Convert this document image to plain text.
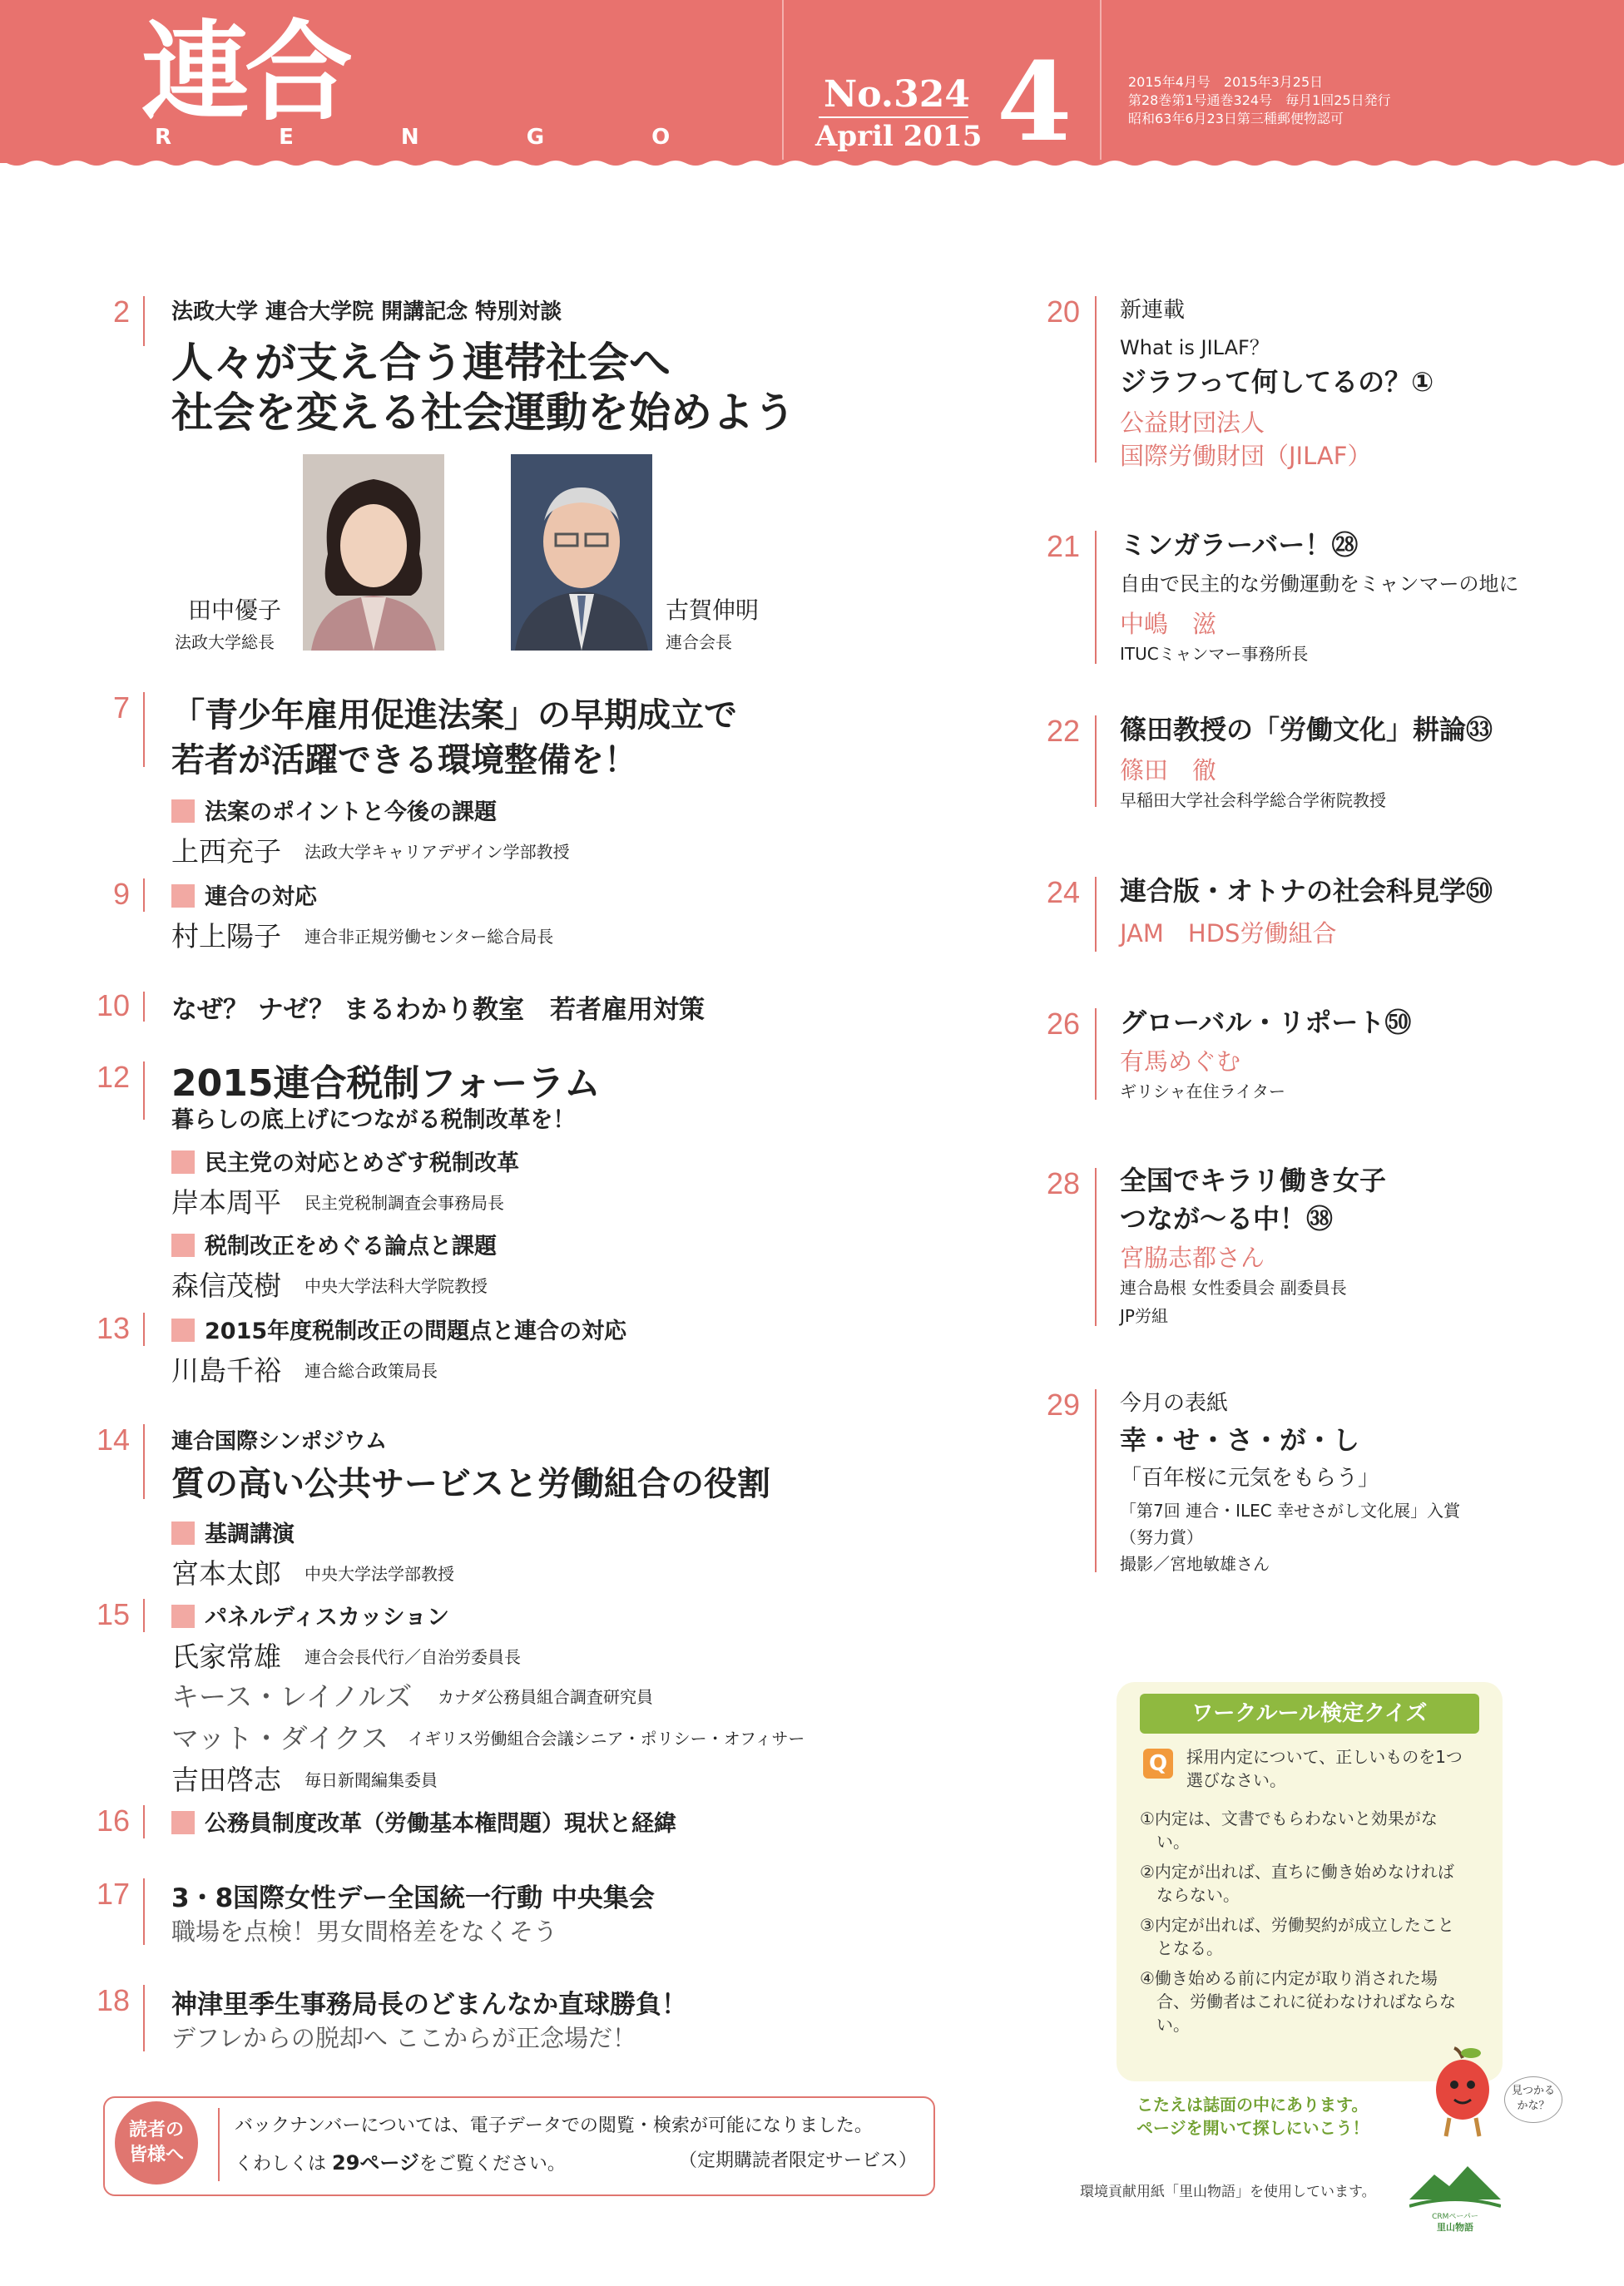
連合
R E N G O
No.324
April 2015 4	2015年4月号　2015年3月25日
第28巻第1号通巻324号　毎月1回25日発行
昭和63年6月23日第三種郵便物認可
2 法政大学 連合大学院 開講記念 特別対談
人々が支え合う連帯社会へ
社会を変える社会運動を始めよう
田中優子
法政大学総長
古賀伸明
連合会長
7 「青少年雇用促進法案」の早期成立で
若者が活躍できる環境整備を！
法案のポイントと今後の課題
上西充子 法政大学キャリアデザイン学部教授
9	連合の対応
村上陽子 連合非正規労働センター総合局長
10 なぜ？ ナゼ？ まるわかり教室　若者雇用対策
12 2015連合税制フォーラム
暮らしの底上げにつながる税制改革を！
民主党の対応とめざす税制改革
岸本周平 民主党税制調査会事務局長
税制改正をめぐる論点と課題
森信茂樹 中央大学法科大学院教授
13	2015年度税制改正の問題点と連合の対応
川島千裕 連合総合政策局長
14 連合国際シンポジウム
質の高い公共サービスと労働組合の役割
基調講演
宮本太郎 中央大学法学部教授
15	パネルディスカッション
氏家常雄 連合会長代行／自治労委員長
キース・レイノルズ カナダ公務員組合調査研究員
マット・ダイクス イギリス労働組合会議シニア・ポリシー・オフィサー
吉田啓志 毎日新聞編集委員
16	公務員制度改革（労働基本権問題）現状と経緯
17 3・8国際女性デー全国統一行動 中央集会
職場を点検！男女間格差をなくそう
18 神津里季生事務局長のどまんなか直球勝負！
デフレからの脱却へ ここからが正念場だ！
読者の
皆様へ
バックナンバーについては、電子データでの閲覧・検索が可能になりました。
くわしくは 29ページをご覧ください。	（定期購読者限定サービス）
20 新連載
What is JILAF？
ジラフって何してるの？①
公益財団法人
国際労働財団（JILAF）
21 ミンガラーバー！㉘
自由で民主的な労働運動をミャンマーの地に
中嶋　滋
ITUCミャンマー事務所長
22 篠田教授の「労働文化」耕論㉝
篠田　徹
早稲田大学社会科学総合学術院教授
24 連合版・オトナの社会科見学㊿
JAM　HDS労働組合
26 グローバル・リポート㊿
有馬めぐむ
ギリシャ在住ライター
28 全国でキラリ働き女子
つなが～る中！㊳
宮脇志都さん
連合島根 女性委員会 副委員長
JP労組
29 今月の表紙
幸・せ・さ・が・し
「百年桜に元気をもらう」
「第7回 連合・ILEC 幸せさがし文化展」入賞
（努力賞）
撮影／宮地敏雄さん
ワークルール検定クイズ
Q	採用内定について、正しいものを1つ
選びなさい。
①内定は、文書でもらわないと効果がな
　い。
②内定が出れば、直ちに働き始めなければ
　ならない。
③内定が出れば、労働契約が成立したこと
　となる。
④働き始める前に内定が取り消された場
　合、労働者はこれに従わなければならな
　い。
こたえは誌面の中にあります。
ページを開いて探しにいこう！
見つかる
かな？
環境貢献用紙「里山物語」を使用しています。
CRMペーパー
里山物語
